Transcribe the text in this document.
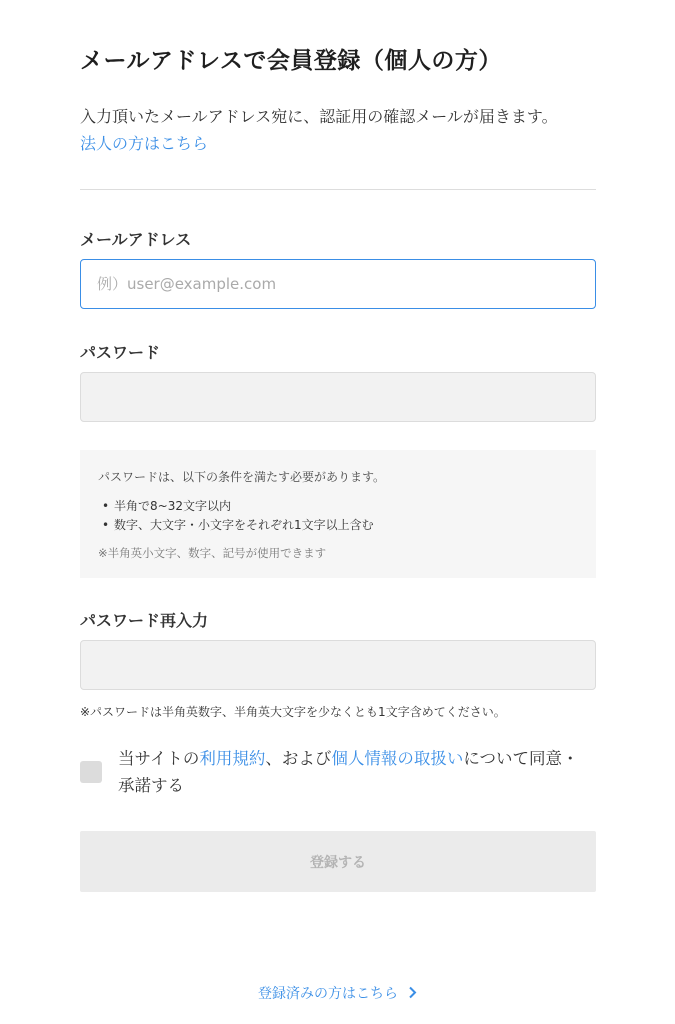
メールアドレスで会員登録（個人の方）
入力頂いたメールアドレス宛に、認証用の確認メールが届きます。
法人の方はこちら
メールアドレス
例）user@example.com
パスワード
パスワードは、以下の条件を満たす必要があります。
• 半角で8~32文字以内
• 数字、大文字・小文字をそれぞれ1文字以上含む
※半角英小文字、数字、記号が使用できます
パスワード再入力
※パスワードは半角英数字、半角英大文字を少なくとも1文字含めてください。
当サイトの利用規約、および個人情報の取扱いについて同意・承諾する
登録する
登録済みの方はこちら
